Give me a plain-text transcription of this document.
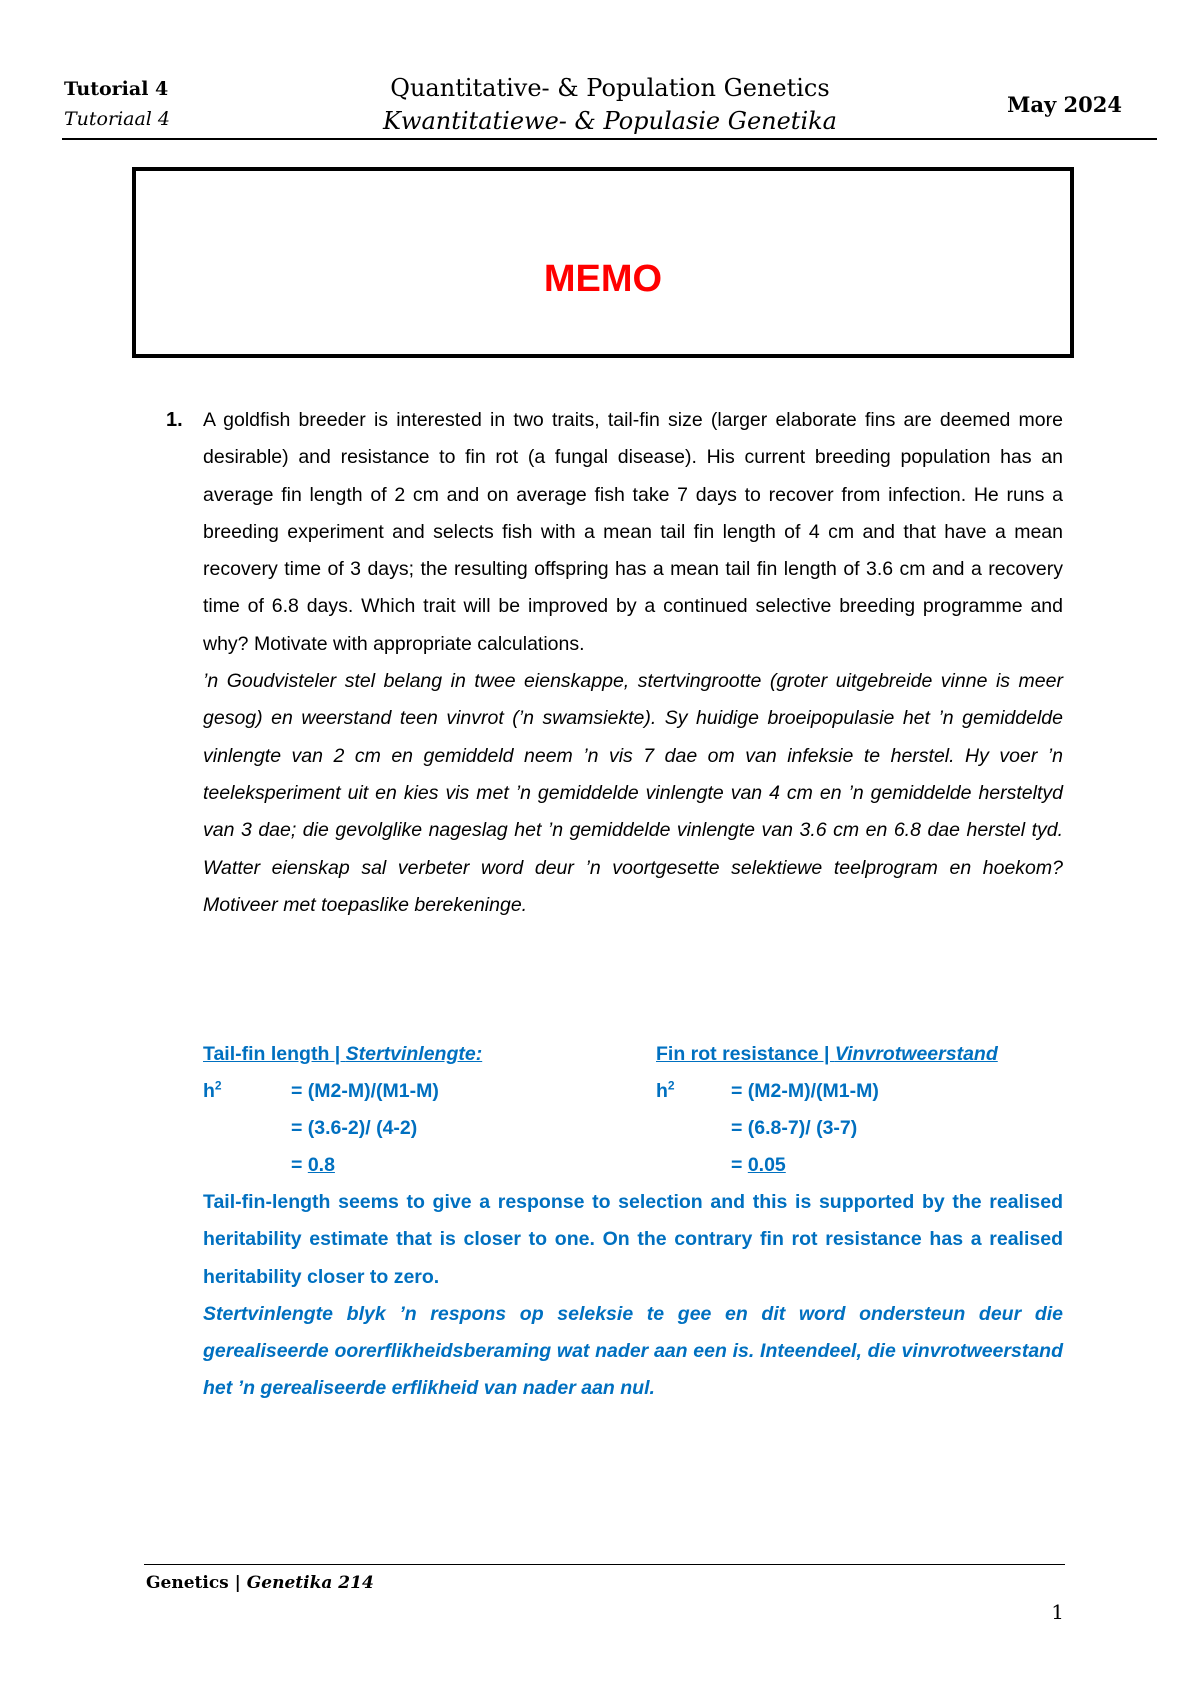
Tutorial 4
Tutoriaal 4
Quantitative- & Population Genetics
Kwantitatiewe- & Populasie Genetika
May 2024
MEMO
1. A goldfish breeder is interested in two traits, tail-fin size (larger elaborate fins are deemed more desirable) and resistance to fin rot (a fungal disease). His current breeding population has an average fin length of 2 cm and on average fish take 7 days to recover from infection. He runs a breeding experiment and selects fish with a mean tail fin length of 4 cm and that have a mean recovery time of 3 days; the resulting offspring has a mean tail fin length of 3.6 cm and a recovery time of 6.8 days. Which trait will be improved by a continued selective breeding programme and why? Motivate with appropriate calculations.

’n Goudvisteler stel belang in twee eienskappe, stertvingrootte (groter uitgebreide vinne is meer gesog) en weerstand teen vinvrot (’n swamsiekte). Sy huidige broeipopulasie het ’n gemiddelde vinlengte van 2 cm en gemiddeld neem ’n vis 7 dae om van infeksie te herstel. Hy voer ’n teeleksperiment uit en kies vis met ’n gemiddelde vinlengte van 4 cm en ’n gemiddelde hersteltyd van 3 dae; die gevolglike nageslag het ’n gemiddelde vinlengte van 3.6 cm en 6.8 dae herstel tyd. Watter eienskap sal verbeter word deur ’n voortgesette selektiewe teelprogram en hoekom? Motiveer met toepaslike berekeninge.

Tail-fin length | Stertvinlengte:
$h^2$	= (M2-M)/(M1-M)
= (3.6-2)/ (4-2)
= 0.8
Fin rot resistance | Vinvrotweerstand
$h^2$	= (M2-M)/(M1-M)
= (6.8-7)/ (3-7)
= 0.05

Tail-fin-length seems to give a response to selection and this is supported by the realised heritability estimate that is closer to one. On the contrary fin rot resistance has a realised heritability closer to zero.

Stertvinlengte blyk ’n respons op seleksie te gee en dit word ondersteun deur die gerealiseerde oorerflikheidsberaming wat nader aan een is. Inteendeel, die vinvrotweerstand het ’n gerealiseerde erflikheid van nader aan nul.

Genetics | Genetika 214
1
